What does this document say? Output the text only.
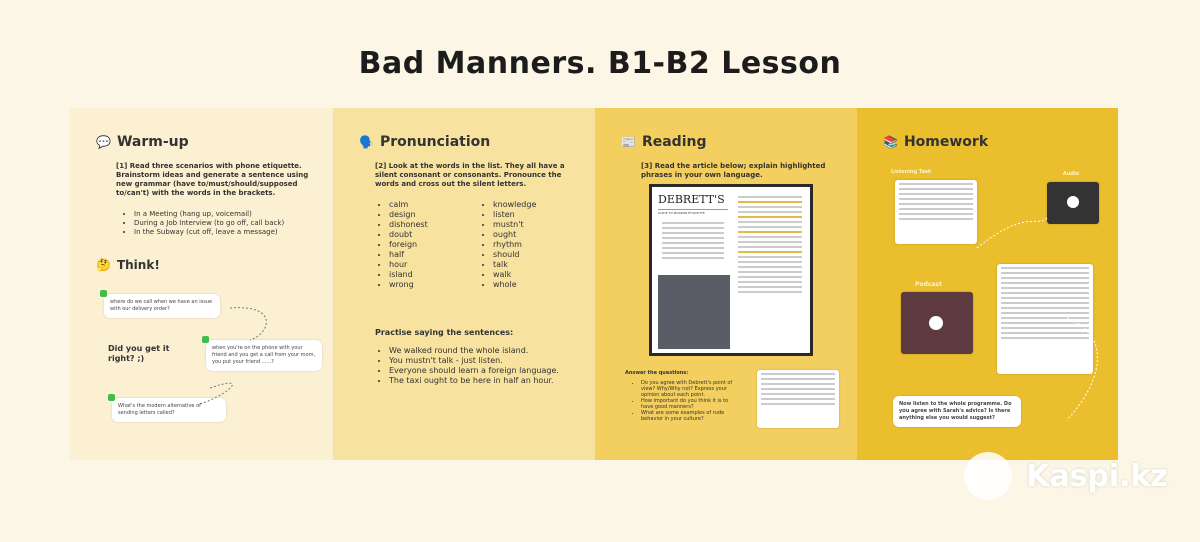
Bad Manners. B1-B2 Lesson
💬 Warm-up
[1] Read three scenarios with phone etiquette. Brainstorm ideas and generate a sentence using new grammar (have to/must/should/supposed to/can't) with the words in the brackets.
• In a Meeting (hang up, voicemail)
• During a Job Interview (to go off, call back)
• In the Subway (cut off, leave a message)
🤔 Think!
where do we call when we have an issue with our delivery order?
Did you get it right? ;)
when you're on the phone with your friend and you get a call from your mom, you put your friend ......?
What's the modern alternative of sending letters called?
🗣️ Pronunciation
[2] Look at the words in the list. They all have a silent consonant or consonants. Pronounce the words and cross out the silent letters.
• calm
• design
• dishonest
• doubt
• foreign
• half
• hour
• island
• wrong
• knowledge
• listen
• mustn't
• ought
• rhythm
• should
• talk
• walk
• whole
Practise saying the sentences:
• We walked round the whole island.
• You mustn't talk - just listen.
• Everyone should learn a foreign language.
• The taxi ought to be here in half an hour.
📰 Reading
[3] Read the article below; explain highlighted phrases in your own language.
DEBRETT'S
GUIDE TO MODERN ETIQUETTE
Answer the questions:
• Do you agree with Debrett's point of view? Why/Why not? Express your opinion about each point.
• How important do you think it is to have good manners?
• What are some examples of rude behavior in your culture?
📚 Homework
Listening Task	Audio
Podcast
Now listen to the whole programme. Do you agree with Sarah's advice? Is there anything else you would suggest?
Kaspi.kz
